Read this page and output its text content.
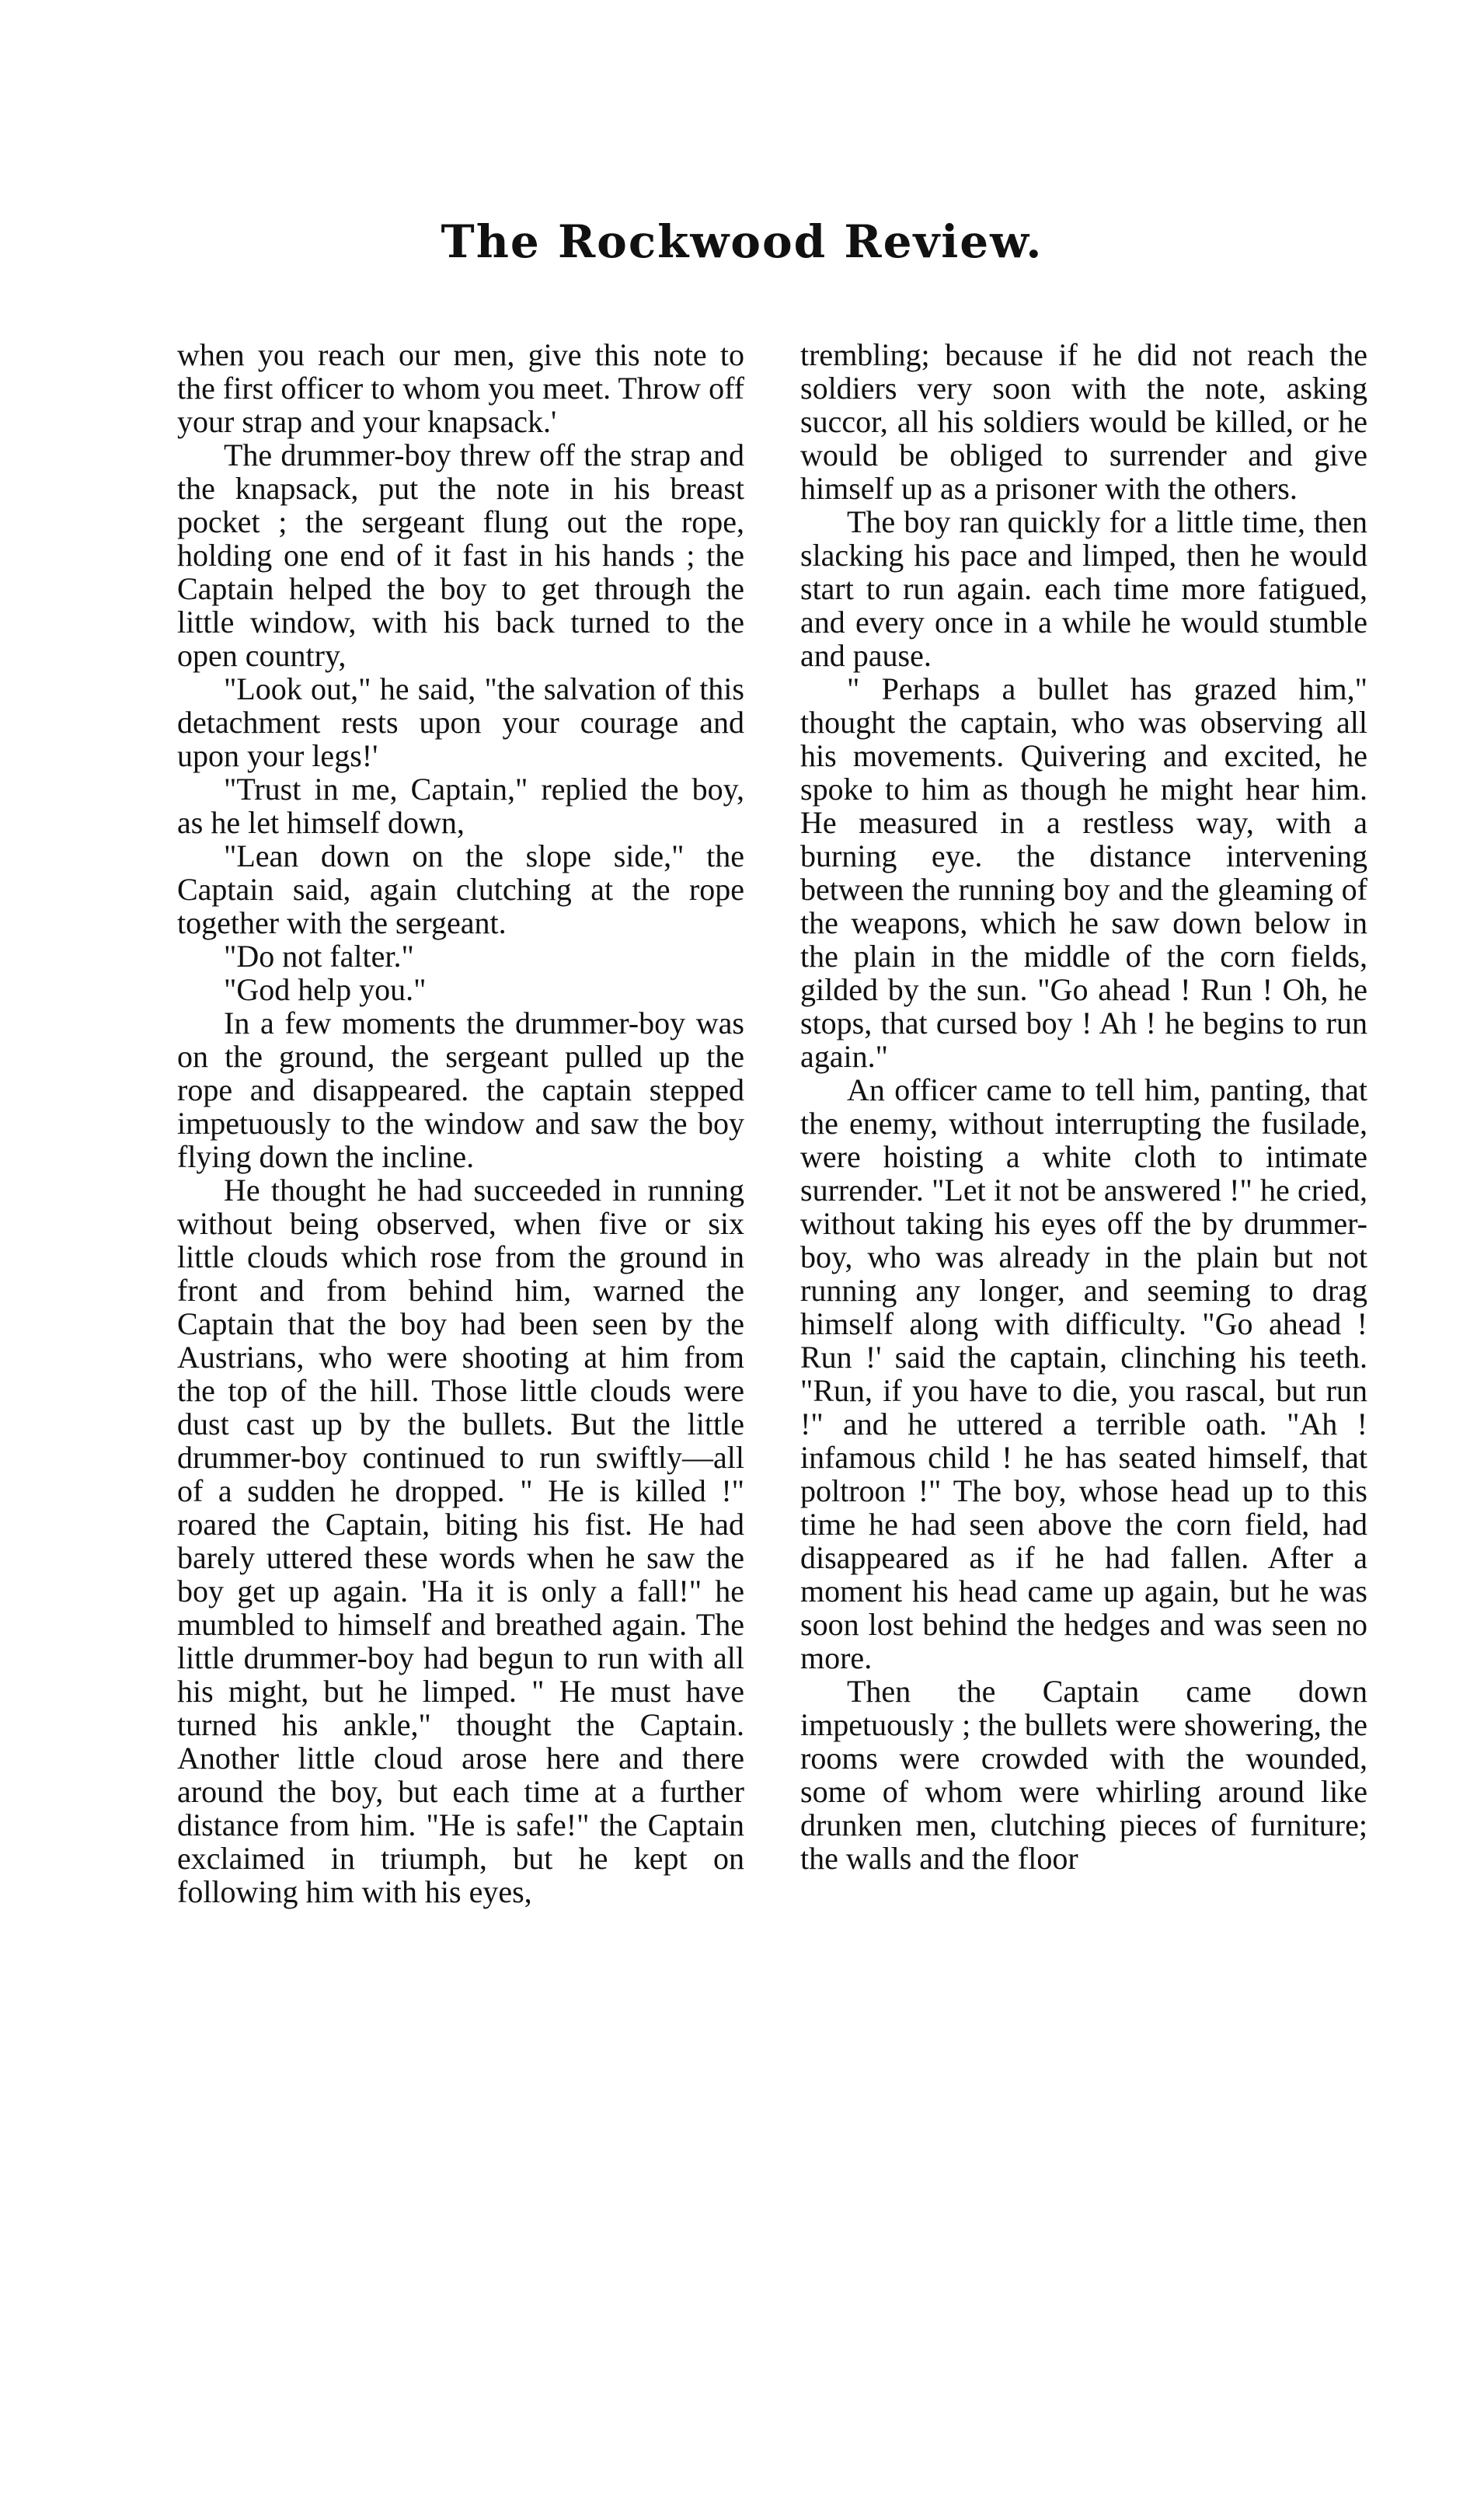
The Rockwood Review.

when you reach our men, give this note to the first officer to whom you meet. Throw off your strap and your knapsack.'

The drummer-boy threw off the strap and the knapsack, put the note in his breast pocket ; the sergeant flung out the rope, holding one end of it fast in his hands ; the Captain helped the boy to get through the little window, with his back turned to the open country,

"Look out," he said, "the salvation of this detachment rests upon your courage and upon your legs!'

"Trust in me, Captain," replied the boy, as he let himself down,

"Lean down on the slope side," the Captain said, again clutching at the rope together with the sergeant.

"Do not falter."

"God help you."

In a few moments the drummer-boy was on the ground, the sergeant pulled up the rope and disappeared. the captain stepped impetuously to the window and saw the boy flying down the incline.

He thought he had succeeded in running without being observed, when five or six little clouds which rose from the ground in front and from behind him, warned the Captain that the boy had been seen by the Austrians, who were shooting at him from the top of the hill. Those little clouds were dust cast up by the bullets. But the little drummer-boy continued to run swiftly—all of a sudden he dropped. " He is killed !" roared the Captain, biting his fist. He had barely uttered these words when he saw the boy get up again. 'Ha it is only a fall!" he mumbled to himself and breathed again. The little drummer-boy had begun to run with all his might, but he limped. " He must have turned his ankle," thought the Captain. Another little cloud arose here and there around the boy, but each time at a further distance from him. "He is safe!" the Captain exclaimed in triumph, but he kept on following him with his eyes,

trembling; because if he did not reach the soldiers very soon with the note, asking succor, all his soldiers would be killed, or he would be obliged to surrender and give himself up as a prisoner with the others.

The boy ran quickly for a little time, then slacking his pace and limped, then he would start to run again. each time more fatigued, and every once in a while he would stumble and pause.

" Perhaps a bullet has grazed him," thought the captain, who was observing all his movements. Quivering and excited, he spoke to him as though he might hear him. He measured in a restless way, with a burning eye. the distance intervening between the running boy and the gleaming of the weapons, which he saw down below in the plain in the middle of the corn fields, gilded by the sun. "Go ahead ! Run ! Oh, he stops, that cursed boy ! Ah ! he begins to run again."

An officer came to tell him, panting, that the enemy, without interrupting the fusilade, were hoisting a white cloth to intimate surrender. "Let it not be answered !" he cried, without taking his eyes off the by drummer-boy, who was already in the plain but not running any longer, and seeming to drag himself along with difficulty. "Go ahead ! Run !' said the captain, clinching his teeth. "Run, if you have to die, you rascal, but run !" and he uttered a terrible oath. "Ah ! infamous child ! he has seated himself, that poltroon !" The boy, whose head up to this time he had seen above the corn field, had disappeared as if he had fallen. After a moment his head came up again, but he was soon lost behind the hedges and was seen no more.

Then the Captain came down impetuously ; the bullets were showering, the rooms were crowded with the wounded, some of whom were whirling around like drunken men, clutching pieces of furniture; the walls and the floor
